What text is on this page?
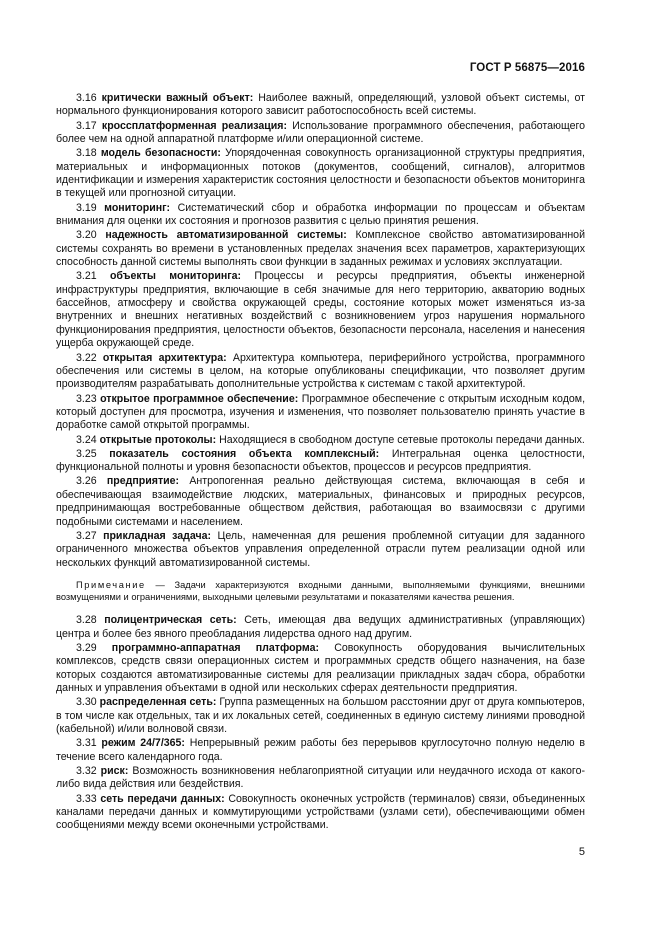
ГОСТ Р 56875—2016

3.16 критически важный объект: Наиболее важный, определяющий, узловой объект системы, от нормального функционирования которого зависит работоспособность всей системы.

3.17 кроссплатформенная реализация: Использование программного обеспечения, работающего более чем на одной аппаратной платформе и/или операционной системе.

3.18 модель безопасности: Упорядоченная совокупность организационной структуры предприятия, материальных и информационных потоков (документов, сообщений, сигналов), алгоритмов идентификации и измерения характеристик состояния целостности и безопасности объектов мониторинга в текущей или прогнозной ситуации.

3.19 мониторинг: Систематический сбор и обработка информации по процессам и объектам внимания для оценки их состояния и прогнозов развития с целью принятия решения.

3.20 надежность автоматизированной системы: Комплексное свойство автоматизированной системы сохранять во времени в установленных пределах значения всех параметров, характеризующих способность данной системы выполнять свои функции в заданных режимах и условиях эксплуатации.

3.21 объекты мониторинга: Процессы и ресурсы предприятия, объекты инженерной инфраструктуры предприятия, включающие в себя значимые для него территорию, акваторию водных бассейнов, атмосферу и свойства окружающей среды, состояние которых может изменяться из-за внутренних и внешних негативных воздействий с возникновением угроз нарушения нормального функционирования предприятия, целостности объектов, безопасности персонала, населения и нанесения ущерба окружающей среде.

3.22 открытая архитектура: Архитектура компьютера, периферийного устройства, программного обеспечения или системы в целом, на которые опубликованы спецификации, что позволяет другим производителям разрабатывать дополнительные устройства к системам с такой архитектурой.

3.23 открытое программное обеспечение: Программное обеспечение с открытым исходным кодом, который доступен для просмотра, изучения и изменения, что позволяет пользователю принять участие в доработке самой открытой программы.

3.24 открытые протоколы: Находящиеся в свободном доступе сетевые протоколы передачи данных.

3.25 показатель состояния объекта комплексный: Интегральная оценка целостности, функциональной полноты и уровня безопасности объектов, процессов и ресурсов предприятия.

3.26 предприятие: Антропогенная реально действующая система, включающая в себя и обеспечивающая взаимодействие людских, материальных, финансовых и природных ресурсов, предпринимающая востребованные обществом действия, работающая во взаимосвязи с другими подобными системами и населением.

3.27 прикладная задача: Цель, намеченная для решения проблемной ситуации для заданного ограниченного множества объектов управления определенной отрасли путем реализации одной или нескольких функций автоматизированной системы.

Примечание — Задачи характеризуются входными данными, выполняемыми функциями, внешними возмущениями и ограничениями, выходными целевыми результатами и показателями качества решения.

3.28 полицентрическая сеть: Сеть, имеющая два ведущих административных (управляющих) центра и более без явного преобладания лидерства одного над другим.

3.29 программно-аппаратная платформа: Совокупность оборудования вычислительных комплексов, средств связи операционных систем и программных средств общего назначения, на базе которых создаются автоматизированные системы для реализации прикладных задач сбора, обработки данных и управления объектами в одной или нескольких сферах деятельности предприятия.

3.30 распределенная сеть: Группа размещенных на большом расстоянии друг от друга компьютеров, в том числе как отдельных, так и их локальных сетей, соединенных в единую систему линиями проводной (кабельной) и/или волновой связи.

3.31 режим 24/7/365: Непрерывный режим работы без перерывов круглосуточно полную неделю в течение всего календарного года.

3.32 риск: Возможность возникновения неблагоприятной ситуации или неудачного исхода от какого-либо вида действия или бездействия.

3.33 сеть передачи данных: Совокупность оконечных устройств (терминалов) связи, объединенных каналами передачи данных и коммутирующими устройствами (узлами сети), обеспечивающими обмен сообщениями между всеми оконечными устройствами.

5
